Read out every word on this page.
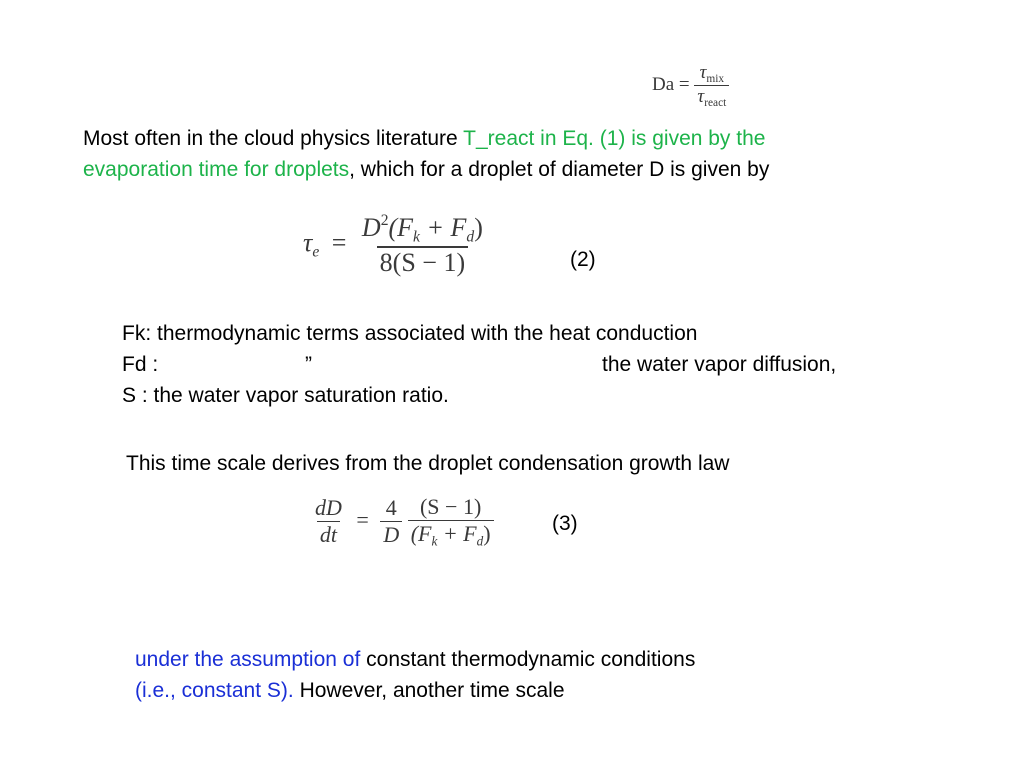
$Da = \frac{\tau_{mix}}{\tau_{react}}$
Most often in the cloud physics literature T_react in Eq. (1) is given by the
evaporation time for droplets, which for a droplet of diameter D is given by
$\tau_e = \frac{D^2(F_k + F_d)}{8(S - 1)}$	(2)
Fk: thermodynamic terms associated with the heat conduction
Fd :	”	the water vapor diffusion,
S : the water vapor saturation ratio.
This time scale derives from the droplet condensation growth law
$\frac{dD}{dt} = \frac{4}{D}$
$\frac{(S - 1)}{(F_k + F_d)}$	(3)
under the assumption of constant thermodynamic conditions
(i.e., constant S). However, another time scale
